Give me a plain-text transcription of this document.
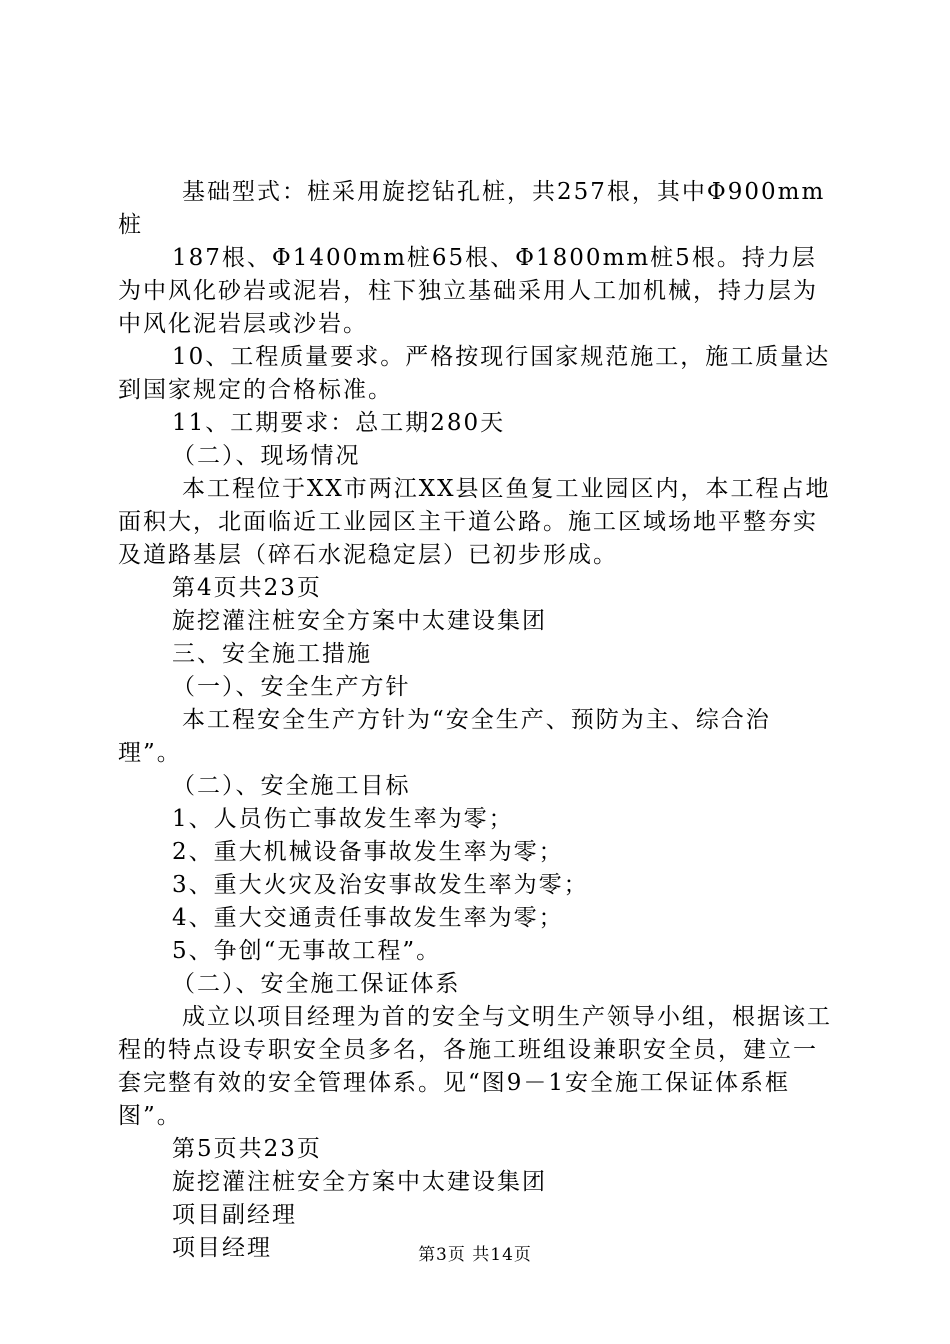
基础型式：桩采用旋挖钻孔桩，共257根，其中Φ900mm桩

187根、Φ1400mm桩65根、Φ1800mm桩5根。持力层为中风化砂岩或泥岩，柱下独立基础采用人工加机械，持力层为中风化泥岩层或沙岩。

10、工程质量要求。严格按现行国家规范施工，施工质量达到国家规定的合格标准。

11、工期要求：总工期280天

（二）、现场情况

本工程位于XX市两江XX县区鱼复工业园区内，本工程占地面积大，北面临近工业园区主干道公路。施工区域场地平整夯实及道路基层（碎石水泥稳定层）已初步形成。

第4页共23页

旋挖灌注桩安全方案中太建设集团

三、安全施工措施

（一）、安全生产方针

本工程安全生产方针为“安全生产、预防为主、综合治理”。

（二）、安全施工目标

1、人员伤亡事故发生率为零；

2、重大机械设备事故发生率为零；

3、重大火灾及治安事故发生率为零；

4、重大交通责任事故发生率为零；

5、争创“无事故工程”。

（二）、安全施工保证体系

成立以项目经理为首的安全与文明生产领导小组，根据该工程的特点设专职安全员多名，各施工班组设兼职安全员，建立一套完整有效的安全管理体系。见“图9－1安全施工保证体系框图”。

第5页共23页

旋挖灌注桩安全方案中太建设集团

项目副经理

项目经理	第3页 共14页
